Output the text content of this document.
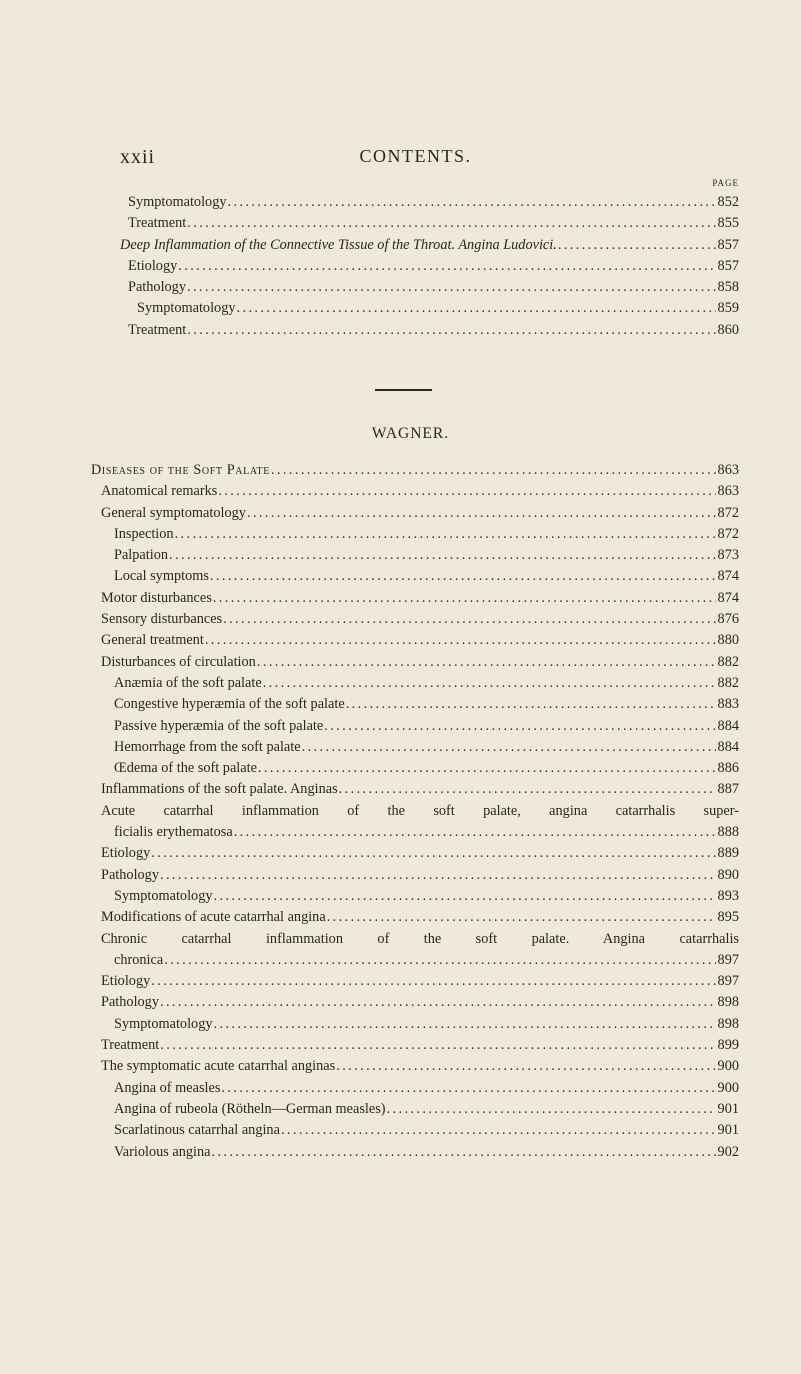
xxii	CONTENTS.
PAGE
Symptomatology .....	852
Treatment .....	855
Deep Inflammation of the Connective Tissue of the Throat. Angina Ludovici. .....	857
Etiology .....	857
Pathology .....	858
Symptomatology .....	859
Treatment .....	860
WAGNER.
Diseases of the Soft Palate .....	863
Anatomical remarks .....	863
General symptomatology .....	872
Inspection .....	872
Palpation .....	873
Local symptoms .....	874
Motor disturbances .....	874
Sensory disturbances .....	876
General treatment .....	880
Disturbances of circulation .....	882
Anæmia of the soft palate .....	882
Congestive hyperæmia of the soft palate .....	883
Passive hyperæmia of the soft palate .....	884
Hemorrhage from the soft palate .....	884
Œdema of the soft palate .....	886
Inflammations of the soft palate. Anginas .....	887
Acute catarrhal inflammation of the soft palate, angina catarrhalis super-
ficialis erythematosa .....	888
Etiology .....	889
Pathology .....	890
Symptomatology .....	893
Modifications of acute catarrhal angina .....	895
Chronic catarrhal inflammation of the soft palate. Angina catarrhalis
chronica .....	897
Etiology .....	897
Pathology .....	898
Symptomatology .....	898
Treatment .....	899
The symptomatic acute catarrhal anginas .....	900
Angina of measles .....	900
Angina of rubeola (Rötheln—German measles) .....	901
Scarlatinous catarrhal angina .....	901
Variolous angina .....	902
